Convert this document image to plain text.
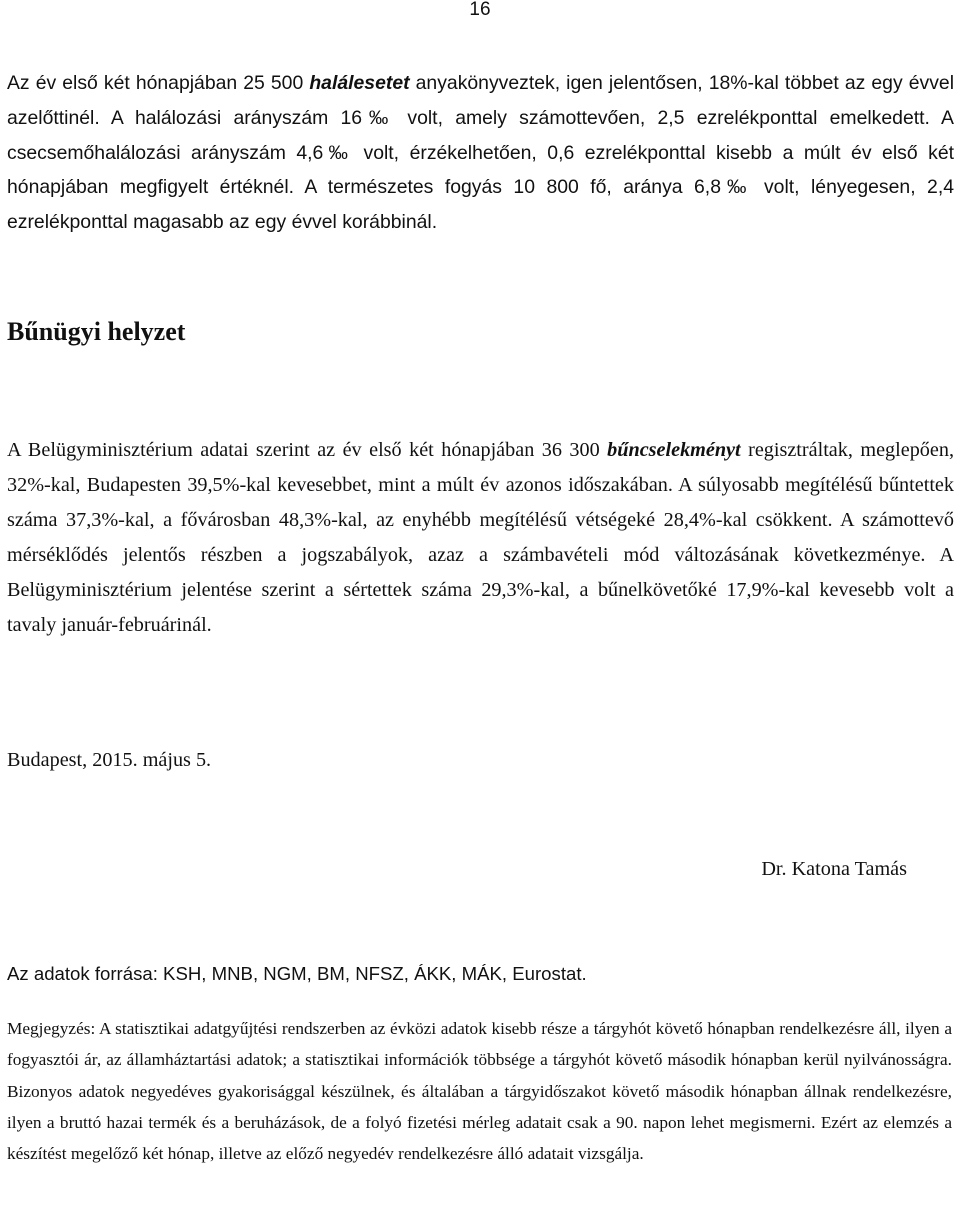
16

Az év első két hónapjában 25 500 halálesetet anyakönyveztek, igen jelentősen, 18%-kal többet az egy évvel azelőttinél. A halálozási arányszám 16‰ volt, amely számottevően, 2,5 ezrelékponttal emelkedett. A csecsemőhalálozási arányszám 4,6‰ volt, érzékelhetően, 0,6 ezrelékponttal kisebb a múlt év első két hónapjában megfigyelt értéknél. A természetes fogyás 10 800 fő, aránya 6,8‰ volt, lényegesen, 2,4 ezrelékponttal magasabb az egy évvel korábbinál.

Bűnügyi helyzet

A Belügyminisztérium adatai szerint az év első két hónapjában 36 300 bűncselekményt regisztráltak, meglepően, 32%-kal, Budapesten 39,5%-kal kevesebbet, mint a múlt év azonos időszakában. A súlyosabb megítélésű bűntettek száma 37,3%-kal, a fővárosban 48,3%-kal, az enyhébb megítélésű vétségeké 28,4%-kal csökkent. A számottevő mérséklődés jelentős részben a jogszabályok, azaz a számbavételi mód változásának következménye. A Belügyminisztérium jelentése szerint a sértettek száma 29,3%-kal, a bűnelkövetőké 17,9%-kal kevesebb volt a tavaly január-februárinál.

Budapest, 2015. május 5.

Dr. Katona Tamás

Az adatok forrása: KSH, MNB, NGM, BM, NFSZ, ÁKK, MÁK, Eurostat.

Megjegyzés: A statisztikai adatgyűjtési rendszerben az évközi adatok kisebb része a tárgyhót követő hónapban rendelkezésre áll, ilyen a fogyasztói ár, az államháztartási adatok; a statisztikai információk többsége a tárgyhót követő második hónapban kerül nyilvánosságra. Bizonyos adatok negyedéves gyakorisággal készülnek, és általában a tárgyidőszakot követő második hónapban állnak rendelkezésre, ilyen a bruttó hazai termék és a beruházások, de a folyó fizetési mérleg adatait csak a 90. napon lehet megismerni. Ezért az elemzés a készítést megelőző két hónap, illetve az előző negyedév rendelkezésre álló adatait vizsgálja.
